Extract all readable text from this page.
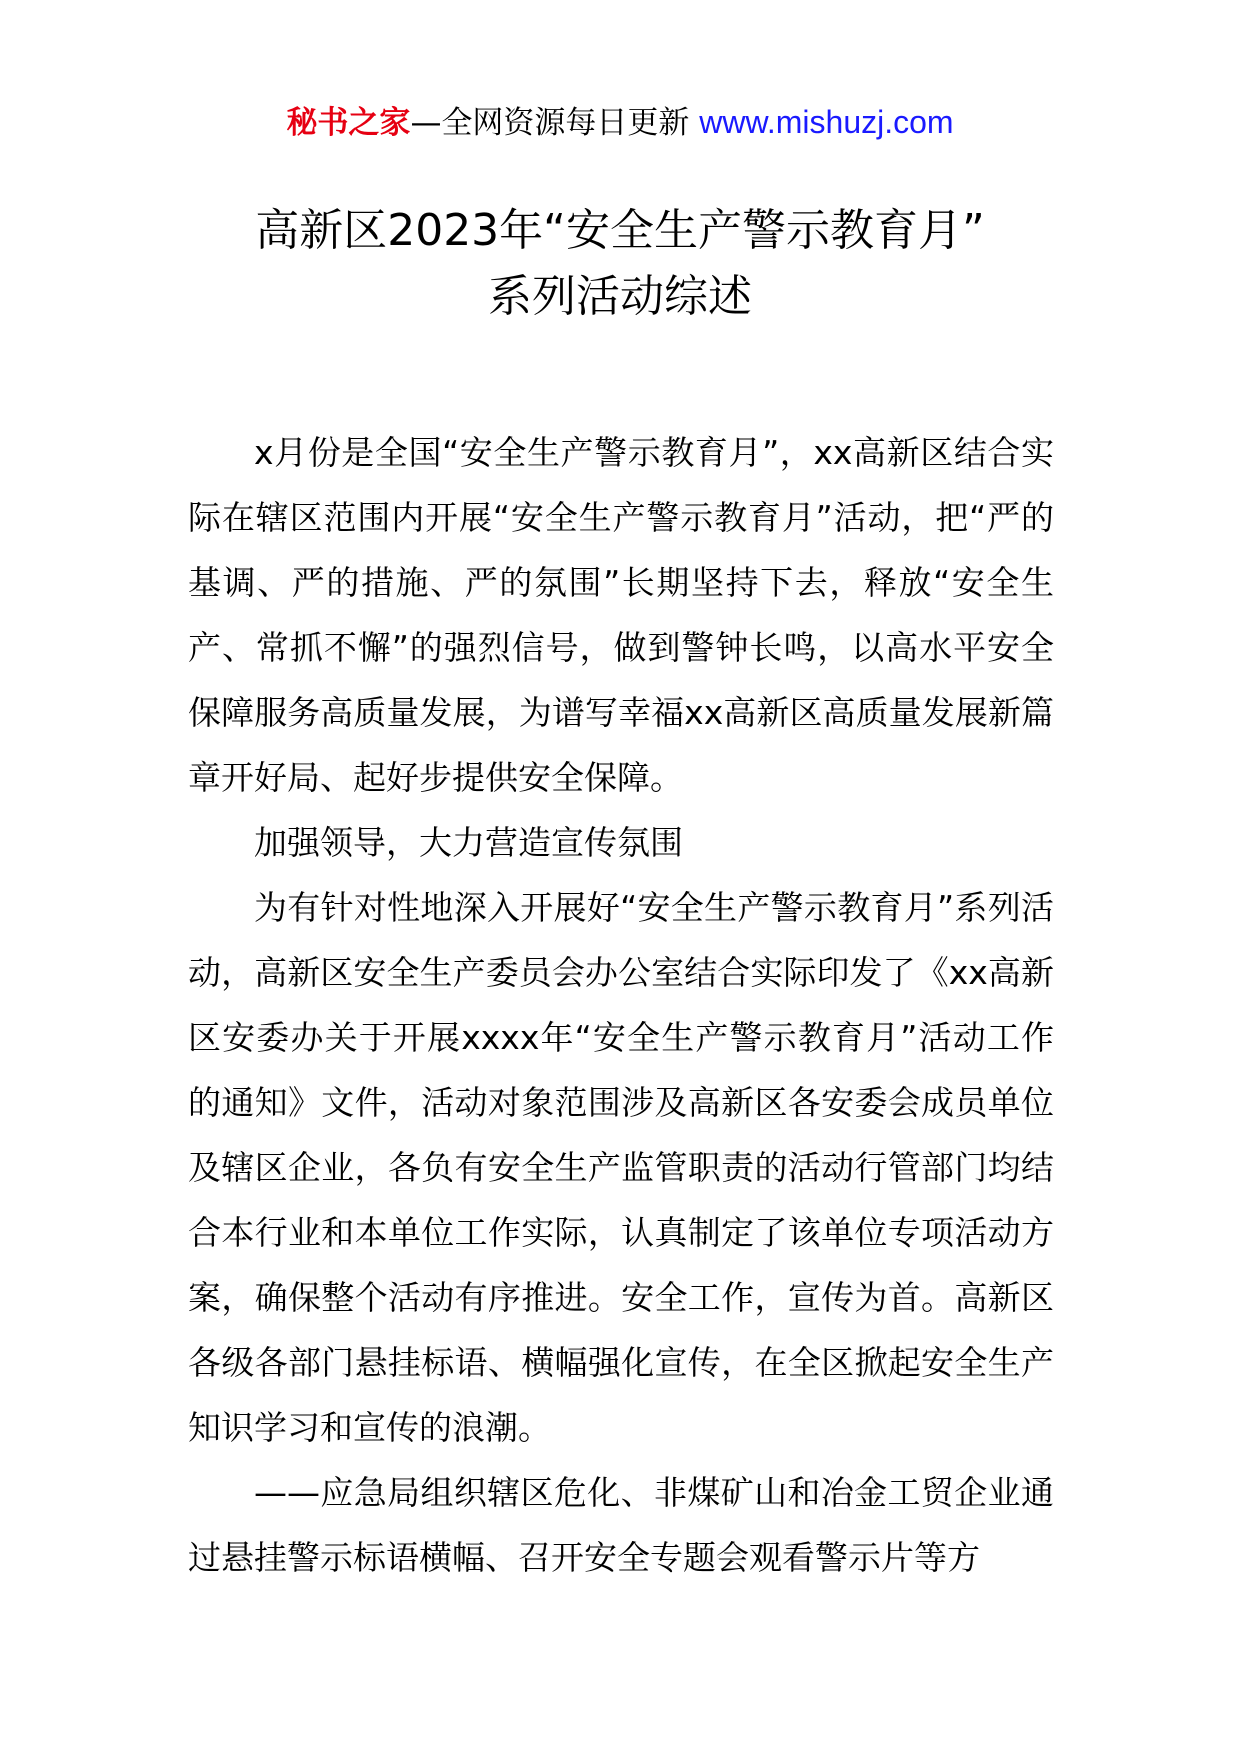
秘书之家—全网资源每日更新 www.mishuzj.com
高新区2023年“安全生产警示教育月”
系列活动综述

x月份是全国“安全生产警示教育月”，xx高新区结合实际在辖区范围内开展“安全生产警示教育月”活动，把“严的基调、严的措施、严的氛围”长期坚持下去，释放“安全生产、常抓不懈”的强烈信号，做到警钟长鸣，以高水平安全保障服务高质量发展，为谱写幸福xx高新区高质量发展新篇章开好局、起好步提供安全保障。

加强领导，大力营造宣传氛围

为有针对性地深入开展好“安全生产警示教育月”系列活动，高新区安全生产委员会办公室结合实际印发了《xx高新区安委办关于开展xxxx年“安全生产警示教育月”活动工作的通知》文件，活动对象范围涉及高新区各安委会成员单位及辖区企业，各负有安全生产监管职责的活动行管部门均结合本行业和本单位工作实际，认真制定了该单位专项活动方案，确保整个活动有序推进。安全工作，宣传为首。高新区各级各部门悬挂标语、横幅强化宣传，在全区掀起安全生产知识学习和宣传的浪潮。

——应急局组织辖区危化、非煤矿山和冶金工贸企业通过悬挂警示标语横幅、召开安全专题会观看警示片等方
